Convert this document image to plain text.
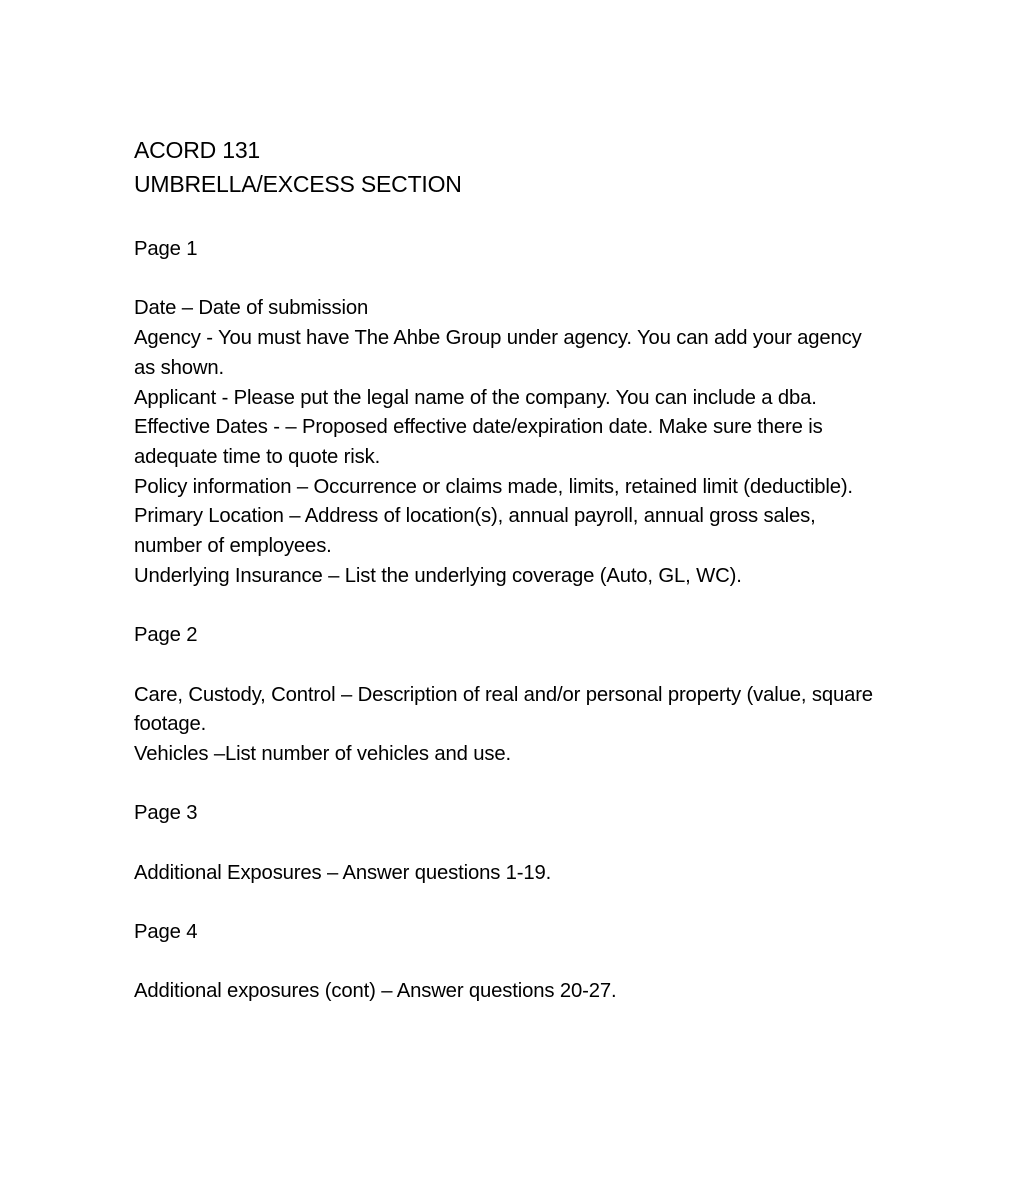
ACORD 131
UMBRELLA/EXCESS SECTION
Page 1
Date – Date of submission
Agency - You must have The Ahbe Group under agency. You can add your agency
as shown.
Applicant - Please put the legal name of the company. You can include a dba.
Effective Dates - – Proposed effective date/expiration date. Make sure there is
adequate time to quote risk.
Policy information – Occurrence or claims made, limits, retained limit (deductible).
Primary Location – Address of location(s), annual payroll, annual gross sales,
number of employees.
Underlying Insurance – List the underlying coverage (Auto, GL, WC).
Page 2
Care, Custody, Control – Description of real and/or personal property (value, square
footage.
Vehicles –List number of vehicles and use.
Page 3
Additional Exposures – Answer questions 1-19.
Page 4
Additional exposures (cont) – Answer questions 20-27.
